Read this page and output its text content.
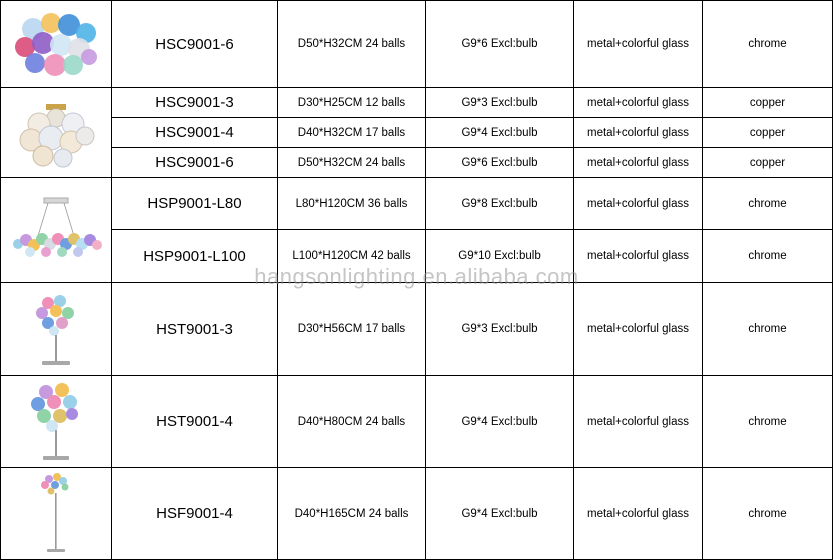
	HSC9001-6	D50*H32CM 24 balls	G9*6 Excl:bulb	metal+colorful glass	chrome

	HSC9001-3	D30*H25CM 12 balls	G9*3 Excl:bulb	metal+colorful glass	copper
	HSC9001-4	D40*H32CM 17 balls	G9*4 Excl:bulb	metal+colorful glass	copper
	HSC9001-6	D50*H32CM 24 balls	G9*6 Excl:bulb	metal+colorful glass	copper

	HSP9001-L80	L80*H120CM 36 balls	G9*8 Excl:bulb	metal+colorful glass	chrome
	HSP9001-L100	L100*H120CM 42 balls	G9*10 Excl:bulb	metal+colorful glass	chrome

	HST9001-3	D30*H56CM 17 balls	G9*3 Excl:bulb	metal+colorful glass	chrome

	HST9001-4	D40*H80CM 24 balls	G9*4 Excl:bulb	metal+colorful glass	chrome

	HSF9001-4	D40*H165CM 24 balls	G9*4 Excl:bulb	metal+colorful glass	chrome
hangsonlighting.en.alibaba.com
